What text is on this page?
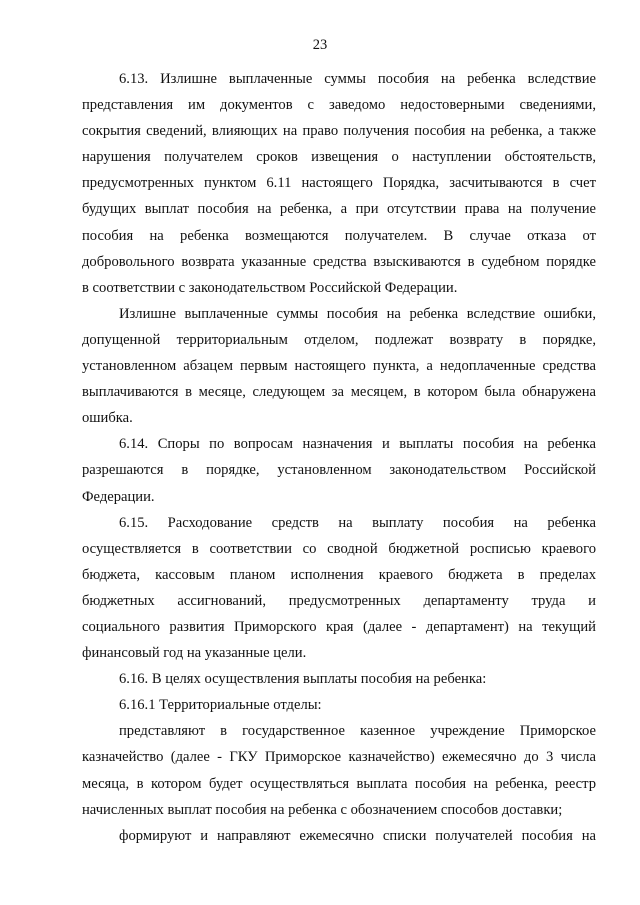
23
6.13. Излишне выплаченные суммы пособия на ребенка вследствие
представления им документов с заведомо недостоверными сведениями,
сокрытия сведений, влияющих на право получения пособия на ребенка, а также
нарушения получателем сроков извещения о наступлении обстоятельств,
предусмотренных пунктом 6.11 настоящего Порядка, засчитываются в счет
будущих выплат пособия на ребенка, а при отсутствии права на получение
пособия на ребенка возмещаются получателем. В случае отказа от
добровольного возврата указанные средства взыскиваются в судебном порядке
в соответствии с законодательством Российской Федерации.
Излишне выплаченные суммы пособия на ребенка вследствие ошибки,
допущенной территориальным отделом, подлежат возврату в порядке,
установленном абзацем первым настоящего пункта, а недоплаченные средства
выплачиваются в месяце, следующем за месяцем, в котором была обнаружена
ошибка.
6.14. Споры по вопросам назначения и выплаты пособия на ребенка
разрешаются в порядке, установленном законодательством Российской
Федерации.
6.15. Расходование средств на выплату пособия на ребенка
осуществляется в соответствии со сводной бюджетной росписью краевого
бюджета, кассовым планом исполнения краевого бюджета в пределах
бюджетных ассигнований, предусмотренных департаменту труда и
социального развития Приморского края (далее - департамент) на текущий
финансовый год на указанные цели.
6.16. В целях осуществления выплаты пособия на ребенка:
6.16.1 Территориальные отделы:
представляют в государственное казенное учреждение Приморское
казначейство (далее - ГКУ Приморское казначейство) ежемесячно до 3 числа
месяца, в котором будет осуществляться выплата пособия на ребенка, реестр
начисленных выплат пособия на ребенка с обозначением способов доставки;
формируют и направляют ежемесячно списки получателей пособия на
